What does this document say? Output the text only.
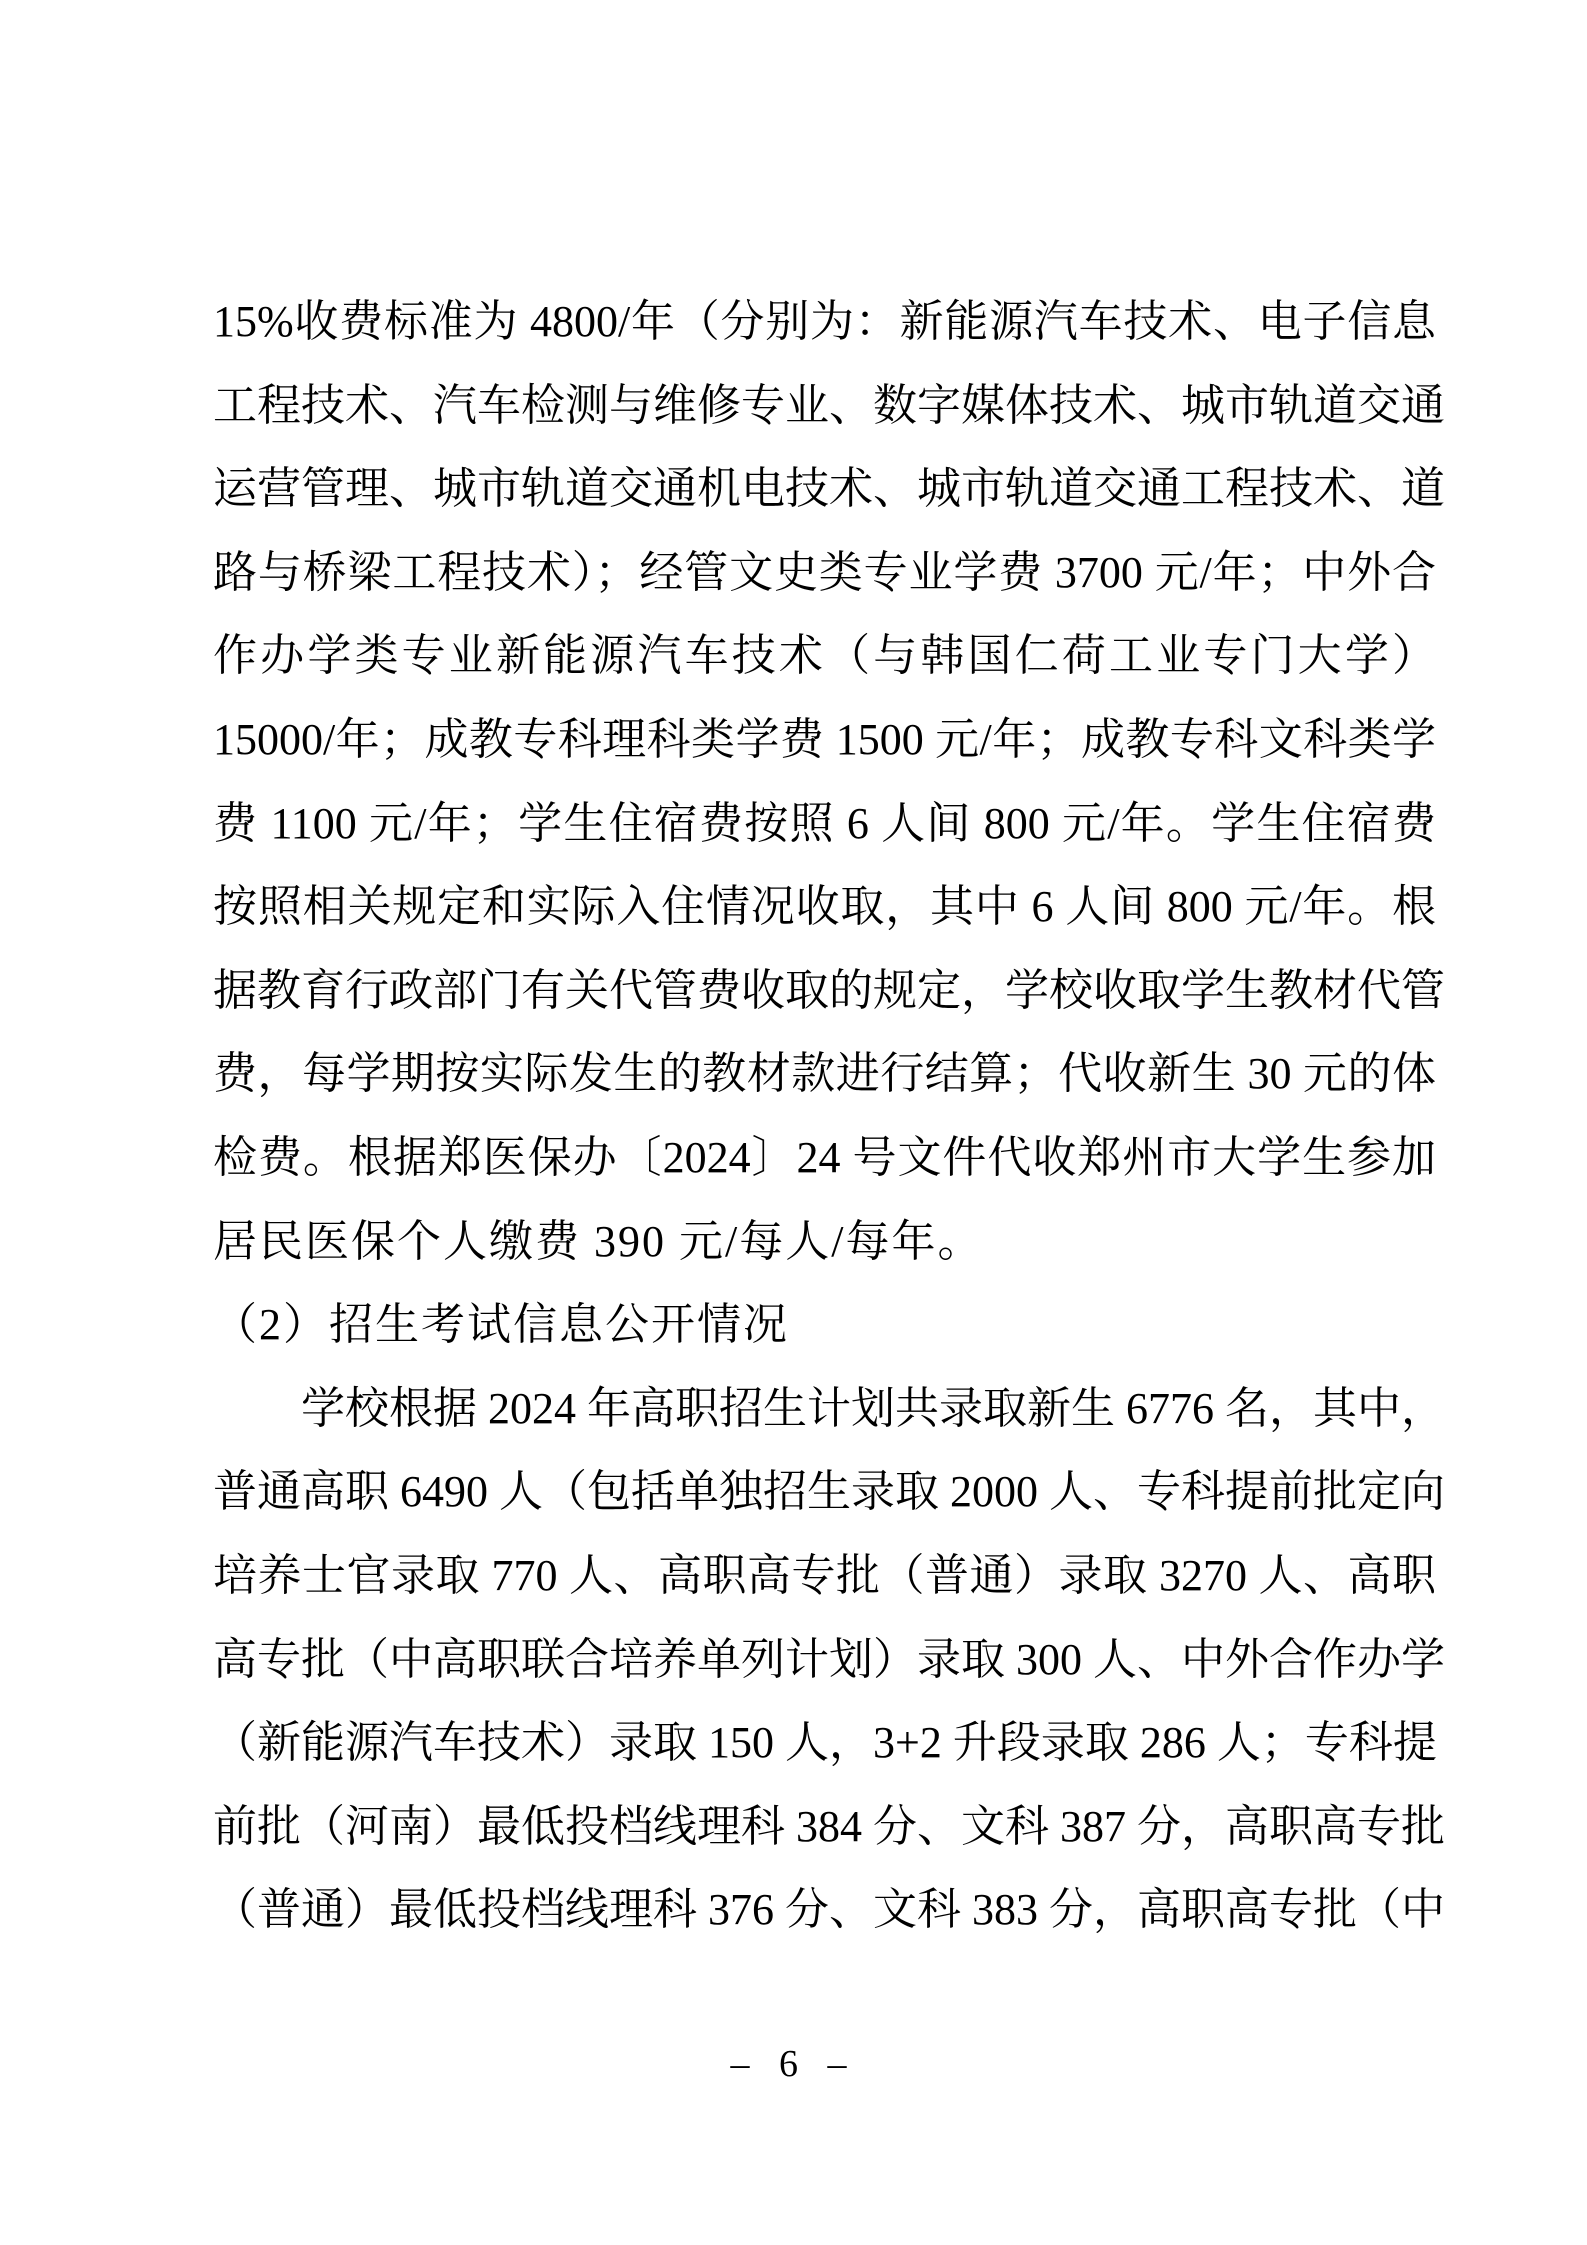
15%收费标准为 4800/年（分别为：新能源汽车技术、电子信息
工程技术、汽车检测与维修专业、数字媒体技术、城市轨道交通
运营管理、城市轨道交通机电技术、城市轨道交通工程技术、道
路与桥梁工程技术）；经管文史类专业学费 3700 元/年；中外合
作办学类专业新能源汽车技术（与韩国仁荷工业专门大学）
15000/年；成教专科理科类学费 1500 元/年；成教专科文科类学
费 1100 元/年；学生住宿费按照 6 人间 800 元/年。学生住宿费
按照相关规定和实际入住情况收取，其中 6 人间 800 元/年。根
据教育行政部门有关代管费收取的规定，学校收取学生教材代管
费，每学期按实际发生的教材款进行结算；代收新生 30 元的体
检费。根据郑医保办〔2024〕24 号文件代收郑州市大学生参加
居民医保个人缴费 390 元/每人/每年。
（2）招生考试信息公开情况
学校根据 2024 年高职招生计划共录取新生 6776 名，其中，
普通高职 6490 人（包括单独招生录取 2000 人、专科提前批定向
培养士官录取 770 人、高职高专批（普通）录取 3270 人、高职
高专批（中高职联合培养单列计划）录取 300 人、中外合作办学
（新能源汽车技术）录取 150 人，3+2 升段录取 286 人；专科提
前批（河南）最低投档线理科 384 分、文科 387 分，高职高专批
（普通）最低投档线理科 376 分、文科 383 分，高职高专批（中
– 6 –
